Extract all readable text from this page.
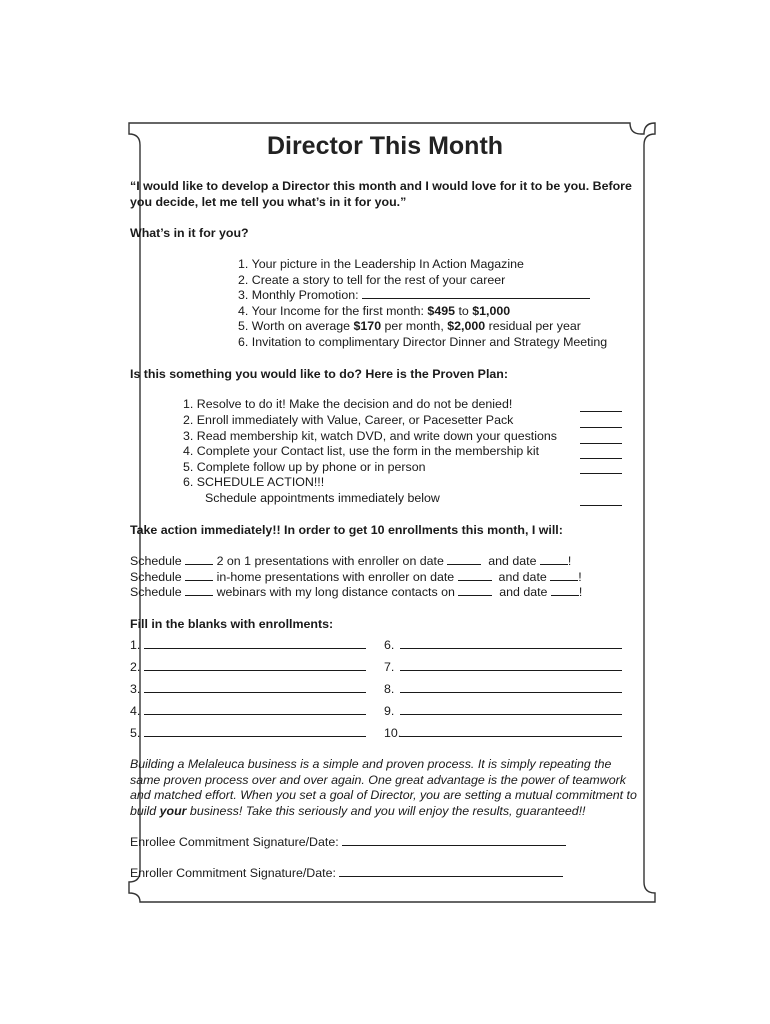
Director This Month
“I would like to develop a Director this month and I would love for it to be you. Before
you decide, let me tell you what’s in it for you.”
What’s in it for you?
1. Your picture in the Leadership In Action Magazine
2. Create a story to tell for the rest of your career
3. Monthly Promotion:
4. Your Income for the first month: $495 to $1,000
5. Worth on average $170 per month, $2,000 residual per year
6. Invitation to complimentary Director Dinner and Strategy Meeting
Is this something you would like to do? Here is the Proven Plan:
1. Resolve to do it! Make the decision and do not be denied!
2. Enroll immediately with Value, Career, or Pacesetter Pack
3. Read membership kit, watch DVD, and write down your questions
4. Complete your Contact list, use the form in the membership kit
5. Complete follow up by phone or in person
6. SCHEDULE ACTION!!!
Schedule appointments immediately below
Take action immediately!! In order to get 10 enrollments this month, I will:
Schedule	2 on 1 presentations with enroller on date	and date	!
Schedule	in-home presentations with enroller on date	and date	!
Schedule	webinars with my long distance contacts on	and date	!
Fill in the blanks with enrollments:
1.
2.
3.
4.
5.
6.
7.
8.
9.
10.
Building a Melaleuca business is a simple and proven process. It is simply repeating the
same proven process over and over again. One great advantage is the power of teamwork
and matched effort. When you set a goal of Director, you are setting a mutual commitment to
build your business! Take this seriously and you will enjoy the results, guaranteed!!
Enrollee Commitment Signature/Date:
Enroller Commitment Signature/Date:
